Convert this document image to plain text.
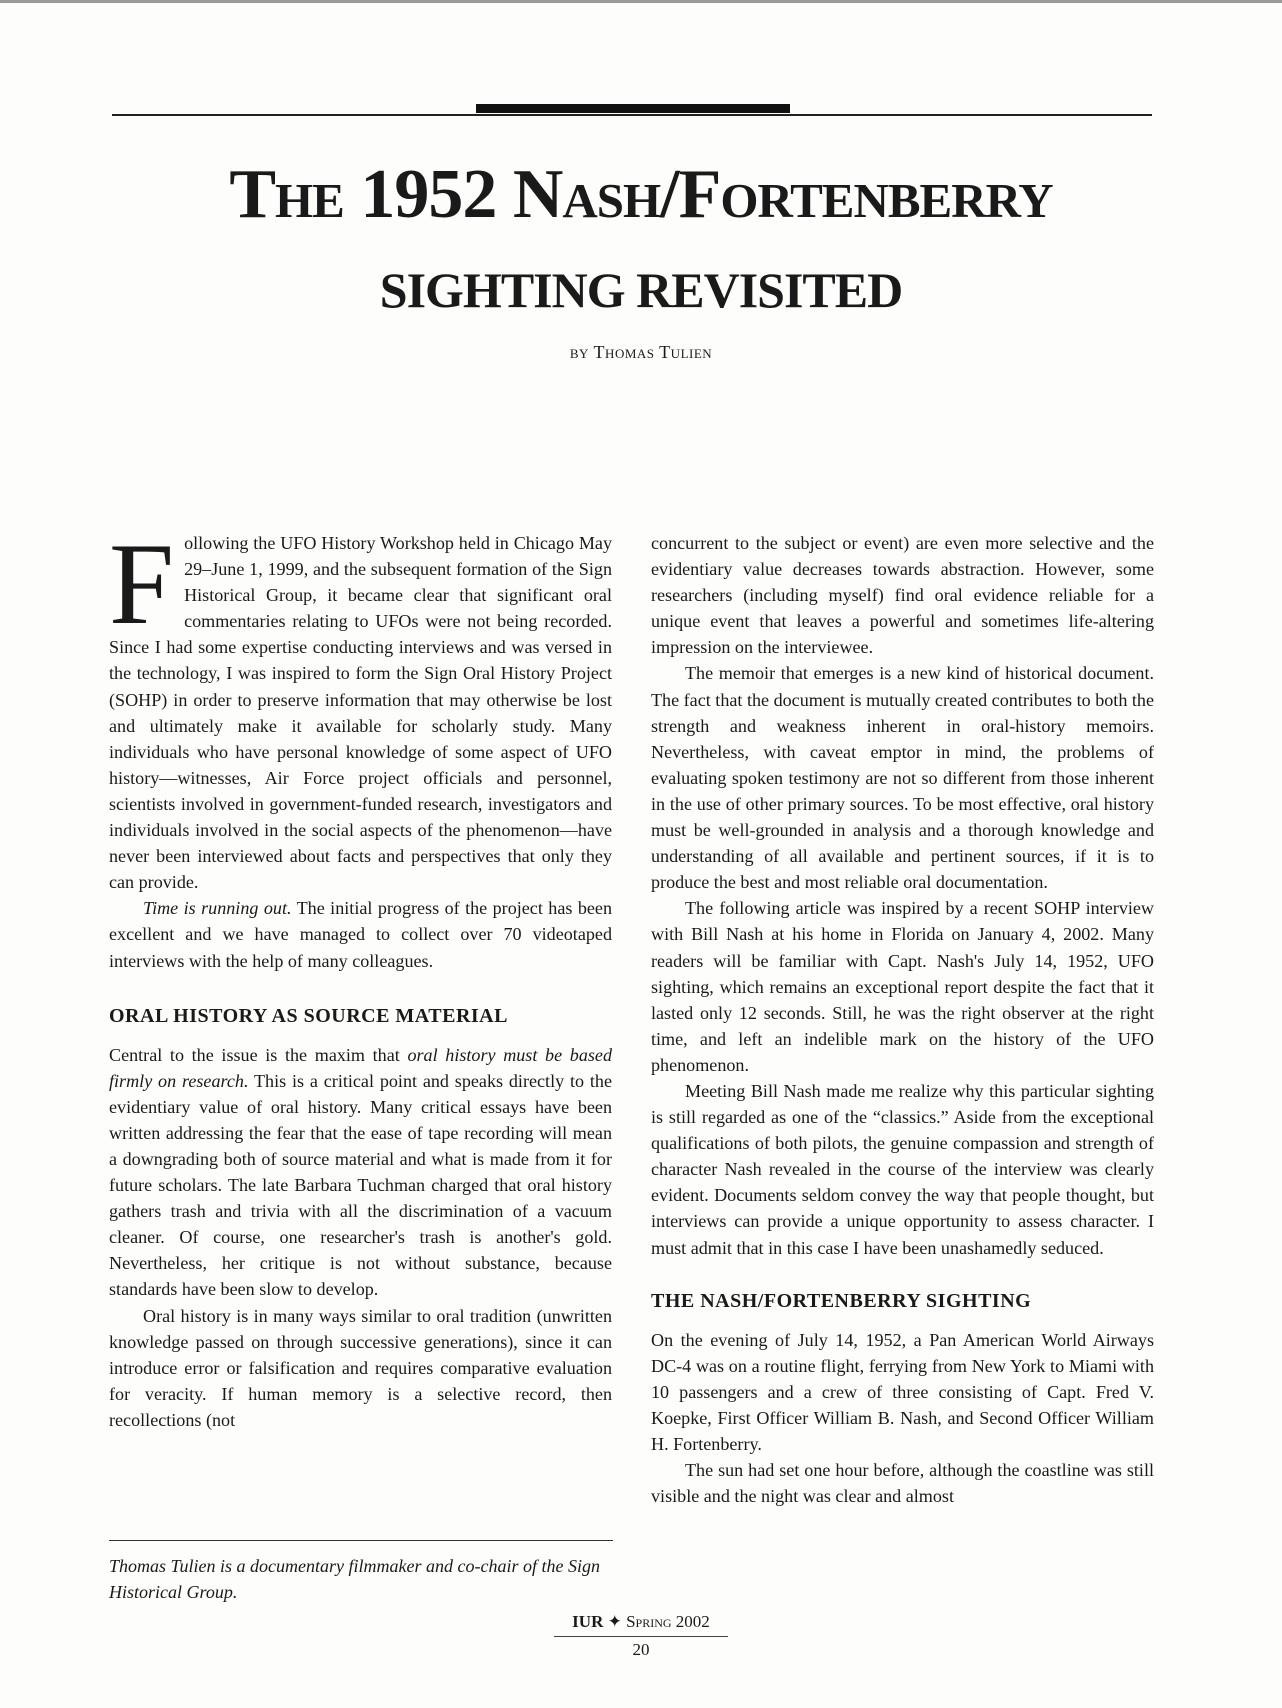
The 1952 Nash/Fortenberry
SIGHTING REVISITED
by Thomas Tulien

Following the UFO History Workshop held in Chicago May 29–June 1, 1999, and the subsequent formation of the Sign Historical Group, it became clear that significant oral commentaries relating to UFOs were not being recorded. Since I had some expertise conducting interviews and was versed in the technology, I was inspired to form the Sign Oral History Project (SOHP) in order to preserve information that may otherwise be lost and ultimately make it available for scholarly study. Many individuals who have personal knowledge of some aspect of UFO history—witnesses, Air Force project officials and personnel, scientists involved in government-funded research, investigators and individuals involved in the social aspects of the phenomenon—have never been interviewed about facts and perspectives that only they can provide.

Time is running out. The initial progress of the project has been excellent and we have managed to collect over 70 videotaped interviews with the help of many colleagues.

ORAL HISTORY AS SOURCE MATERIAL

Central to the issue is the maxim that oral history must be based firmly on research. This is a critical point and speaks directly to the evidentiary value of oral history. Many critical essays have been written addressing the fear that the ease of tape recording will mean a downgrading both of source material and what is made from it for future scholars. The late Barbara Tuchman charged that oral history gathers trash and trivia with all the discrimination of a vacuum cleaner. Of course, one researcher's trash is another's gold. Nevertheless, her critique is not without substance, because standards have been slow to develop.

Oral history is in many ways similar to oral tradition (unwritten knowledge passed on through successive generations), since it can introduce error or falsification and requires comparative evaluation for veracity. If human memory is a selective record, then recollections (not

concurrent to the subject or event) are even more selective and the evidentiary value decreases towards abstraction. However, some researchers (including myself) find oral evidence reliable for a unique event that leaves a powerful and sometimes life-altering impression on the interviewee.

The memoir that emerges is a new kind of historical document. The fact that the document is mutually created contributes to both the strength and weakness inherent in oral-history memoirs. Nevertheless, with caveat emptor in mind, the problems of evaluating spoken testimony are not so different from those inherent in the use of other primary sources. To be most effective, oral history must be well-grounded in analysis and a thorough knowledge and understanding of all available and pertinent sources, if it is to produce the best and most reliable oral documentation.

The following article was inspired by a recent SOHP interview with Bill Nash at his home in Florida on January 4, 2002. Many readers will be familiar with Capt. Nash's July 14, 1952, UFO sighting, which remains an exceptional report despite the fact that it lasted only 12 seconds. Still, he was the right observer at the right time, and left an indelible mark on the history of the UFO phenomenon.

Meeting Bill Nash made me realize why this particular sighting is still regarded as one of the “classics.” Aside from the exceptional qualifications of both pilots, the genuine compassion and strength of character Nash revealed in the course of the interview was clearly evident. Documents seldom convey the way that people thought, but interviews can provide a unique opportunity to assess character. I must admit that in this case I have been unashamedly seduced.

THE NASH/FORTENBERRY SIGHTING

On the evening of July 14, 1952, a Pan American World Airways DC-4 was on a routine flight, ferrying from New York to Miami with 10 passengers and a crew of three consisting of Capt. Fred V. Koepke, First Officer William B. Nash, and Second Officer William H. Fortenberry.

The sun had set one hour before, although the coastline was still visible and the night was clear and almost

Thomas Tulien is a documentary filmmaker and co-chair of the Sign Historical Group.
IUR ✦ Spring 2002
20
